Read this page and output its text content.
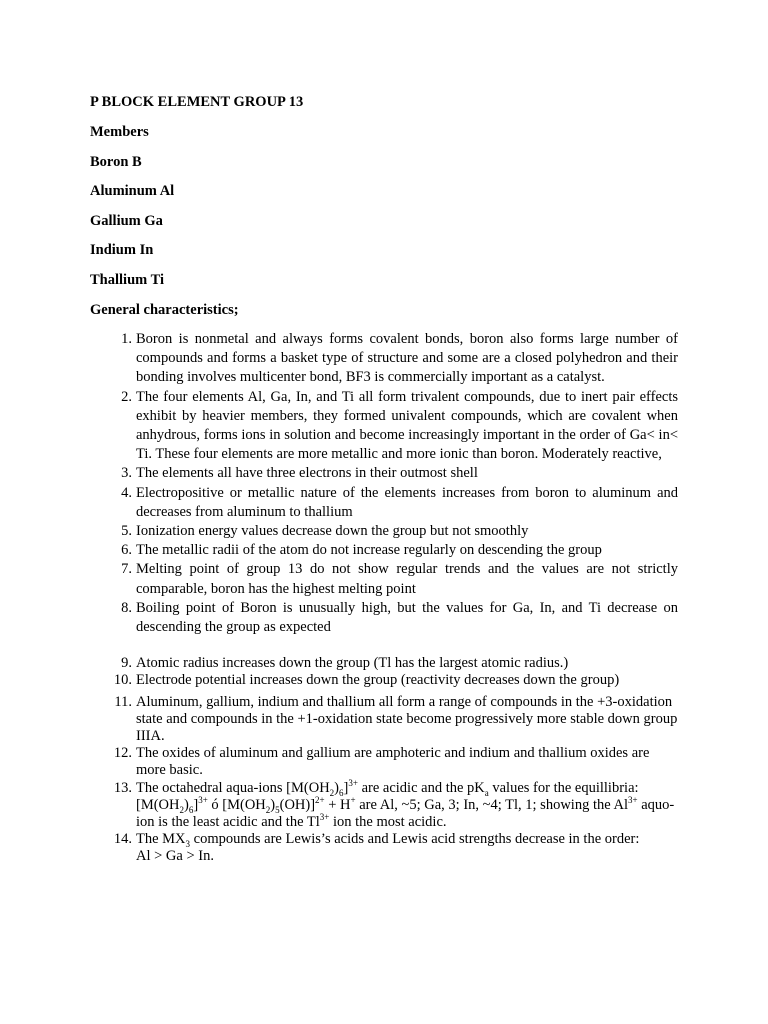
P BLOCK ELEMENT GROUP 13
Members
Boron B
Aluminum Al
Gallium Ga
Indium In
Thallium Ti
General characteristics;
1. Boron is nonmetal and always forms covalent bonds, boron also forms large number of compounds and forms a basket type of structure and some are a closed polyhedron and their bonding involves multicenter bond, BF3 is commercially important as a catalyst.
2. The four elements Al, Ga, In, and Ti all form trivalent compounds, due to inert pair effects exhibit by heavier members, they formed univalent compounds, which are covalent when anhydrous, forms ions in solution and become increasingly important in the order of Ga< in< Ti. These four elements are more metallic and more ionic than boron. Moderately reactive,
3. The elements all have three electrons in their outmost shell
4. Electropositive or metallic nature of the elements increases from boron to aluminum and decreases from aluminum to thallium
5. Ionization energy values decrease down the group but not smoothly
6. The metallic radii of the atom do not increase regularly on descending the group
7. Melting point of group 13 do not show regular trends and the values are not strictly comparable, boron has the highest melting point
8. Boiling point of Boron is unusually high, but the values for Ga, In, and Ti decrease on descending the group as expected
9. Atomic radius increases down the group (Tl has the largest atomic radius.)
10. Electrode potential increases down the group (reactivity decreases down the group)
11. Aluminum, gallium, indium and thallium all form a range of compounds in the +3-oxidation state and compounds in the +1-oxidation state become progressively more stable down group IIIA.
12. The oxides of aluminum and gallium are amphoteric and indium and thallium oxides are more basic.
13. The octahedral aqua-ions $[M(OH_2)_6]^{3+}$ are acidic and the $pK_a$ values for the equillibria: $[M(OH_2)_6]^{3+}$ ó $[M(OH_2)_5(OH)]^{2+} + H^+$ are Al, ~5; Ga, 3; In, ~4; Tl, 1; showing the $Al^{3+}$ aquo-ion is the least acidic and the $Tl^{3+}$ ion the most acidic.
14. The $MX_3$ compounds are Lewis’s acids and Lewis acid strengths decrease in the order:
Al > Ga > In.
